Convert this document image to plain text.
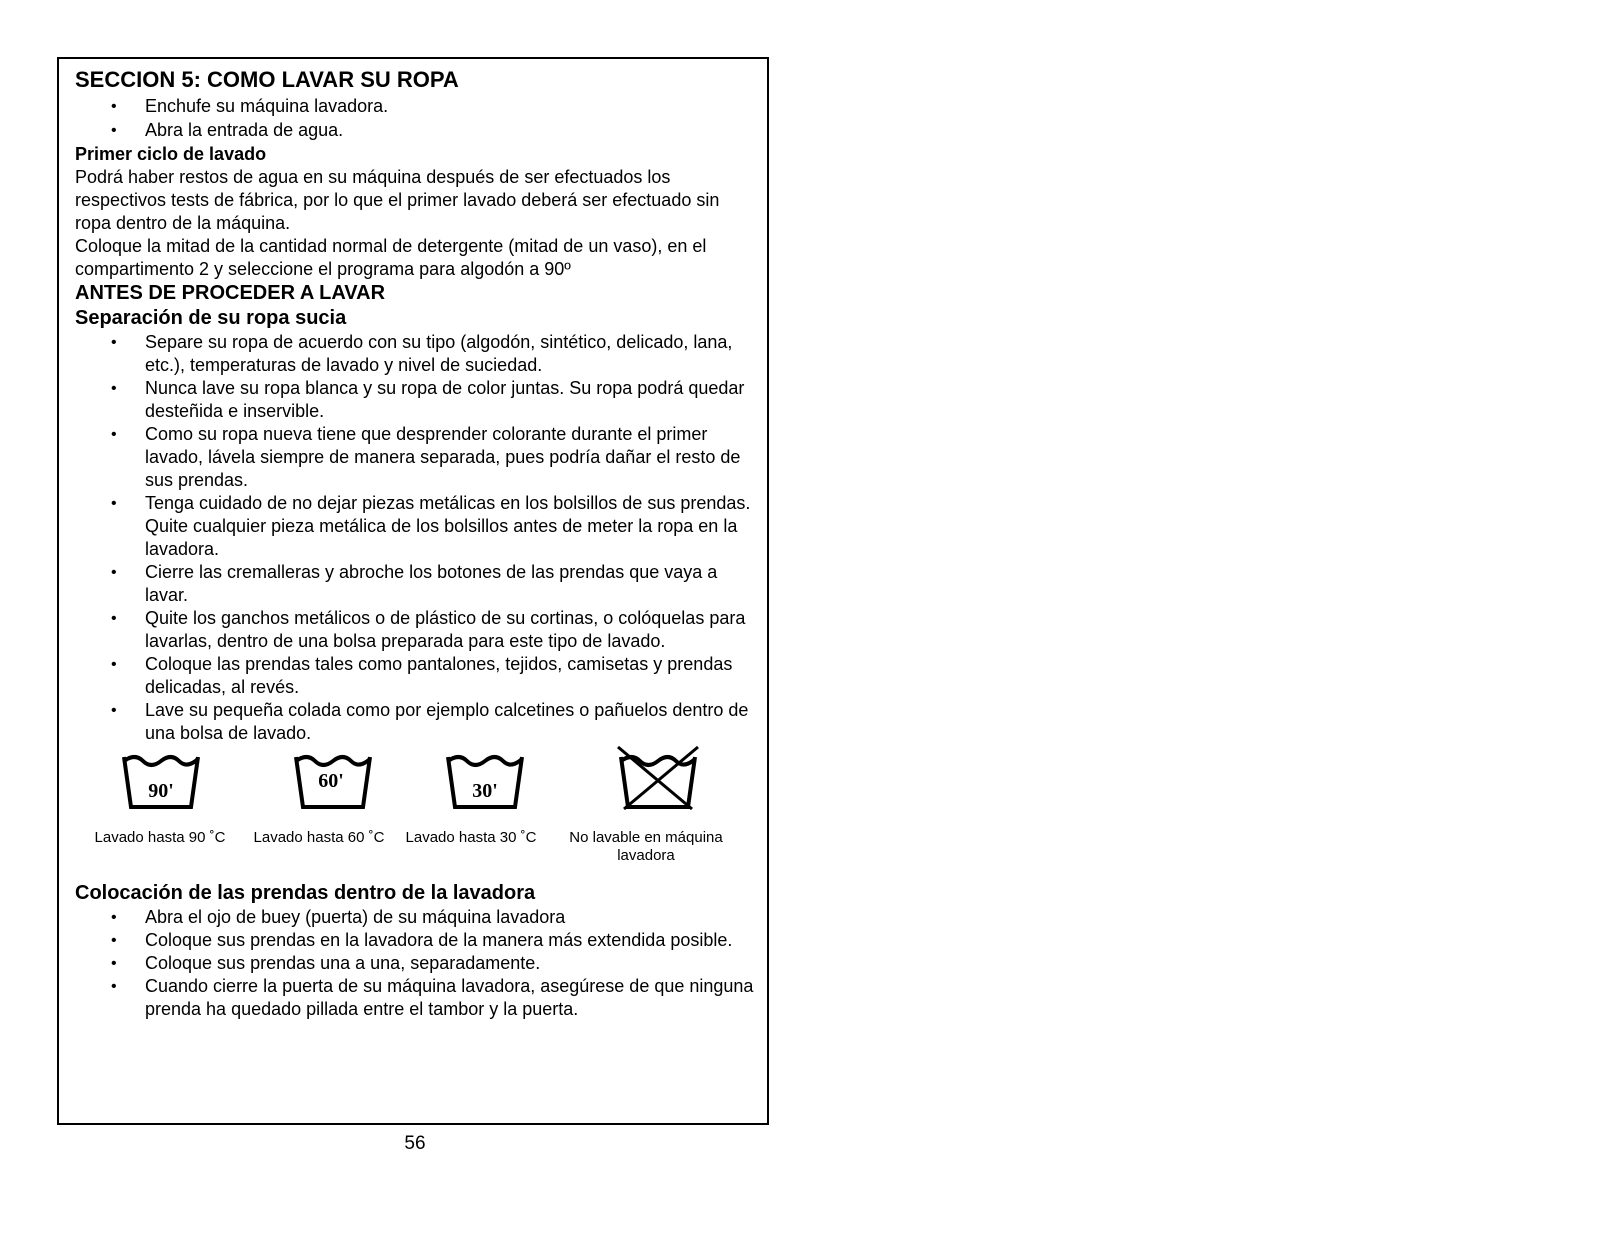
SECCION 5: COMO LAVAR SU ROPA
• Enchufe su máquina lavadora.
• Abra la entrada de agua.
Primer ciclo de lavado

Podrá haber restos de agua en su máquina después de ser efectuados los respectivos tests de fábrica, por lo que el primer lavado deberá ser efectuado sin ropa dentro de la máquina.

Coloque la mitad de la cantidad normal de detergente (mitad de un vaso), en el compartimento 2 y seleccione el programa para algodón a 90º

ANTES DE PROCEDER A LAVAR
Separación de su ropa sucia
• Separe su ropa de acuerdo con su tipo (algodón, sintético, delicado, lana, etc.), temperaturas de lavado y nivel de suciedad.
• Nunca lave su ropa blanca y su ropa de color juntas. Su ropa podrá quedar desteñida e inservible.
• Como su ropa nueva tiene que desprender colorante durante el primer lavado, lávela siempre de manera separada, pues podría dañar el resto de sus prendas.
• Tenga cuidado de no dejar piezas metálicas en los bolsillos de sus prendas. Quite cualquier pieza metálica de los bolsillos antes de meter la ropa en la lavadora.
• Cierre las cremalleras y abroche los botones de las prendas que vaya a lavar.
• Quite los ganchos metálicos o de plástico de su cortinas, o colóquelas para lavarlas, dentro de una bolsa preparada para este tipo de lavado.
• Coloque las prendas tales como pantalones, tejidos, camisetas y prendas delicadas, al revés.
• Lave su pequeña colada como por ejemplo calcetines o pañuelos dentro de una bolsa de lavado.
90'	60'	30'
Lavado hasta 90 ˚C	Lavado hasta 60 ˚C	Lavado hasta 30 ˚C	No lavable en máquina lavadora
Colocación de las prendas dentro de la lavadora
• Abra el ojo de buey (puerta) de su máquina lavadora
• Coloque sus prendas en la lavadora de la manera más extendida posible.
• Coloque sus prendas una a una, separadamente.
• Cuando cierre la puerta de su máquina lavadora, asegúrese de que ninguna prenda ha quedado pillada entre el tambor y la puerta.
56
